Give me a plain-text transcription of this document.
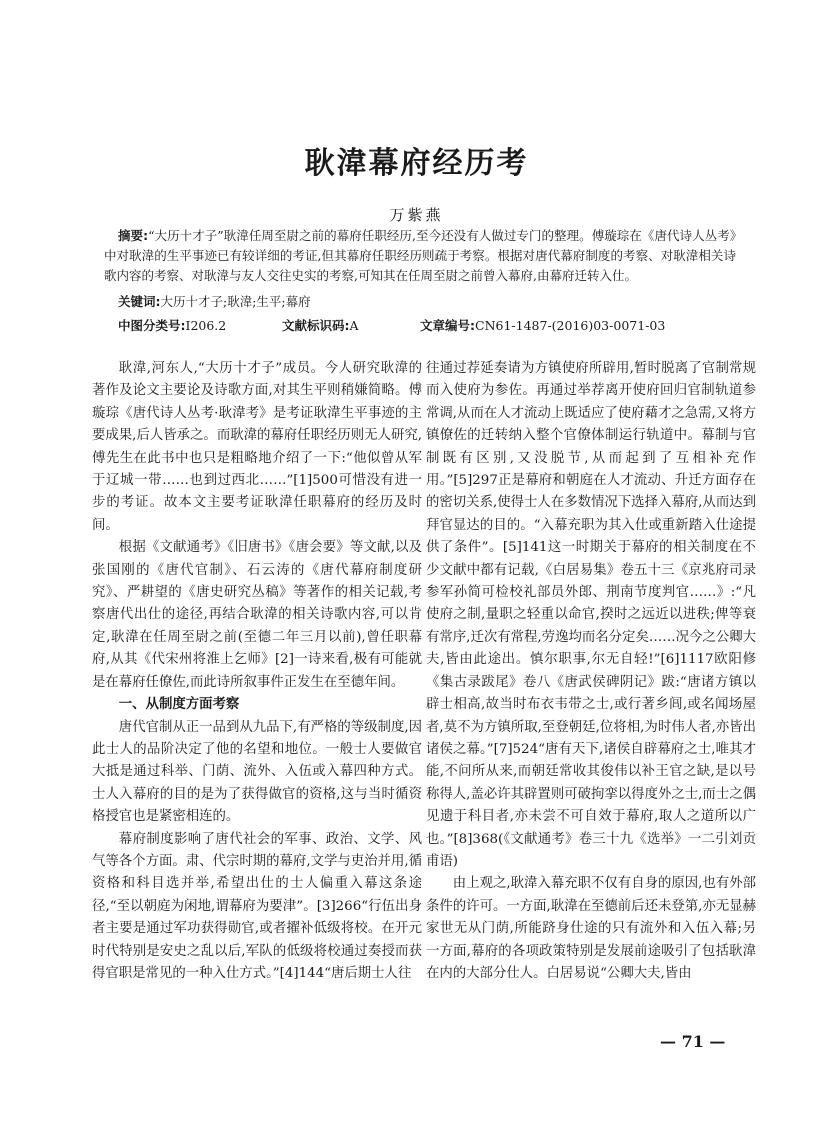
耿湋幕府经历考
万紫燕
摘要:“大历十才子”耿湋任周至尉之前的幕府任职经历,至今还没有人做过专门的整理。傅璇琮在《唐代诗人丛考》中对耿湋的生平事迹已有较详细的考证,但其幕府任职经历则疏于考察。根据对唐代幕府制度的考察、对耿湋相关诗歌内容的考察、对耿湋与友人交往史实的考察,可知其在任周至尉之前曾入幕府,由幕府迁转入仕。
关键词:大历十才子;耿湋;生平;幕府
中图分类号:I206.2	文献标识码:A	文章编号:CN61-1487-(2016)03-0071-03

耿湋,河东人,“大历十才子”成员。今人研究耿湋的著作及论文主要论及诗歌方面,对其生平则稍嫌简略。傅璇琮《唐代诗人丛考·耿湋考》是考证耿湋生平事迹的主要成果,后人皆承之。而耿湋的幕府任职经历则无人研究,傅先生在此书中也只是粗略地介绍了一下:“他似曾从军于辽城一带……也到过西北……”[1]500可惜没有进一步的考证。故本文主要考证耿湋任职幕府的经历及时间。

根据《文献通考》《旧唐书》《唐会要》等文献,以及张国刚的《唐代官制》、石云涛的《唐代幕府制度研究》、严耕望的《唐史研究丛稿》等著作的相关记载,考察唐代出仕的途径,再结合耿湋的相关诗歌内容,可以肯定,耿湋在任周至尉之前(至德二年三月以前),曾任职幕府,从其《代宋州将淮上乞师》[2]一诗来看,极有可能就是在幕府任僚佐,而此诗所叙事件正发生在至德年间。

一、从制度方面考察

唐代官制从正一品到从九品下,有严格的等级制度,因此士人的品阶决定了他的名望和地位。一般士人要做官大抵是通过科举、门荫、流外、入伍或入幕四种方式。士人入幕府的目的是为了获得做官的资格,这与当时循资格授官也是紧密相连的。

幕府制度影响了唐代社会的军事、政治、文学、风气等各个方面。肃、代宗时期的幕府,文学与吏治并用,循资格和科目选并举,希望出仕的士人偏重入幕这条途径,“至以朝庭为闲地,谓幕府为要津”。[3]266“行伍出身者主要是通过军功获得勋官,或者擢补低级将校。在开元时代特别是安史之乱以后,军队的低级将校通过奏授而获得官职是常见的一种入仕方式。”[4]144“唐后期士人往

往通过荐延奏请为方镇使府所辟用,暂时脱离了官制常规而入使府为参佐。再通过举荐离开使府回归官制轨道参常调,从而在人才流动上既适应了使府藉才之急需,又将方镇僚佐的迁转纳入整个官僚体制运行轨道中。幕制与官制既有区别,又没脱节,从而起到了互相补充作用。”[5]297正是幕府和朝庭在人才流动、升迁方面存在的密切关系,使得士人在多数情况下选择入幕府,从而达到拜官显达的目的。“入幕充职为其入仕或重新踏入仕途提供了条件”。[5]141这一时期关于幕府的相关制度在不少文献中都有记载,《白居易集》卷五十三《京兆府司录参军孙简可检校礼部员外郎、荆南节度判官……》:“凡使府之制,量职之轻重以命官,揆时之远近以进秩;俾等衰有常序,迁次有常程,劳逸均而名分定矣……况今之公卿大夫,皆由此途出。慎尔职事,尔无自轻!”[6]1117欧阳修《集古录跋尾》卷八《唐武侯碑阴记》跋:“唐诸方镇以辟士相高,故当时布衣韦带之士,或行著乡闾,或名闻场屋者,莫不为方镇所取,至登朝廷,位将相,为时伟人者,亦皆出诸侯之幕。”[7]524“唐有天下,诸侯自辟幕府之士,唯其才能,不问所从来,而朝廷常收其俊伟以补王官之缺,是以号称得人,盖必许其辟置则可破拘挛以得度外之士,而士之偶见遗于科目者,亦未尝不可自效于幕府,取人之道所以广也。”[8]368(《文献通考》卷三十九《选举》一二引刘贡甫语)

由上观之,耿湋入幕充职不仅有自身的原因,也有外部条件的许可。一方面,耿湋在至德前后还未登第,亦无显赫家世无从门荫,所能跻身仕途的只有流外和入伍入幕;另一方面,幕府的各项政策特别是发展前途吸引了包括耿湋在内的大部分仕人。白居易说“公卿大夫,皆由

— 71 —
